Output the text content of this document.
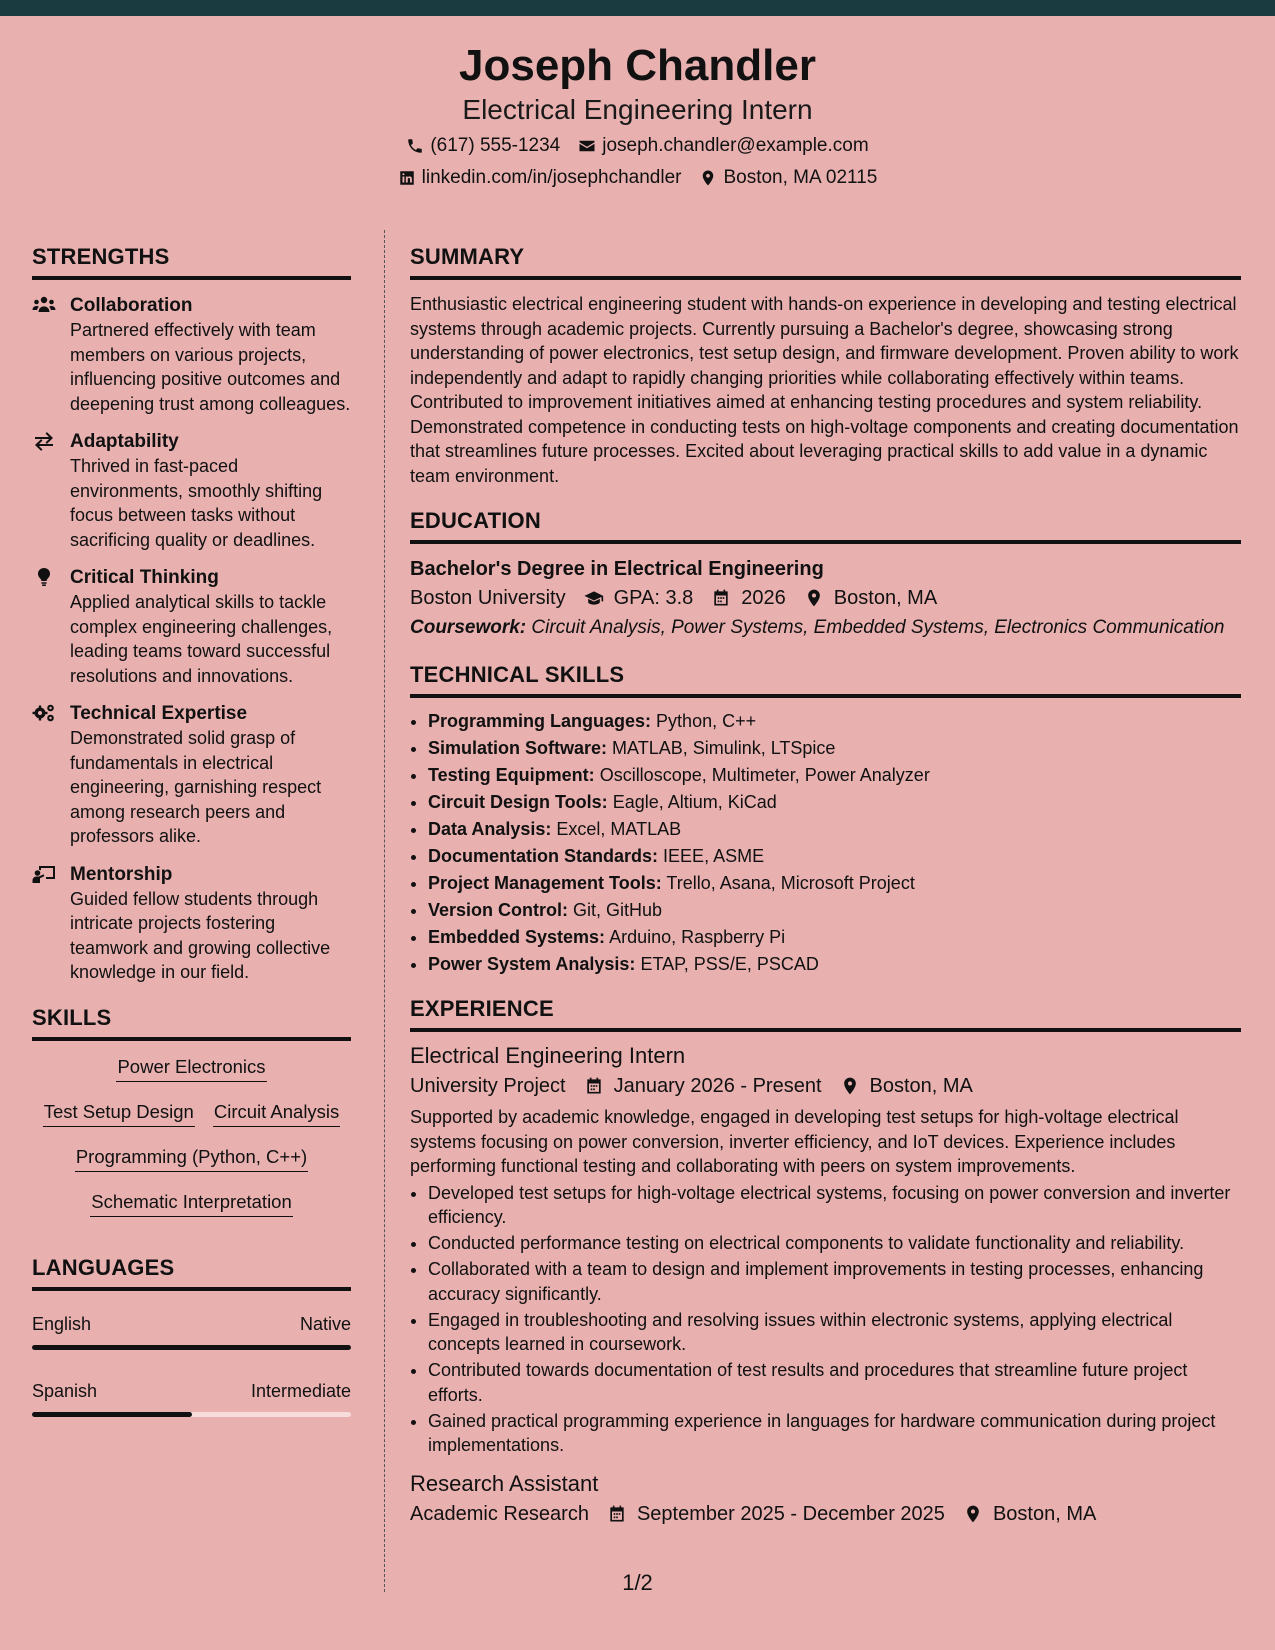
Joseph Chandler
Electrical Engineering Intern
(617) 555-1234 joseph.chandler@example.com
linkedin.com/in/josephchandler Boston, MA 02115
STRENGTHS
Collaboration
Partnered effectively with team members on various projects, influencing positive outcomes and deepening trust among colleagues.
Adaptability
Thrived in fast-paced environments, smoothly shifting focus between tasks without sacrificing quality or deadlines.
Critical Thinking
Applied analytical skills to tackle complex engineering challenges, leading teams toward successful resolutions and innovations.
Technical Expertise
Demonstrated solid grasp of fundamentals in electrical engineering, garnishing respect among research peers and professors alike.
Mentorship
Guided fellow students through intricate projects fostering teamwork and growing collective knowledge in our field.
SKILLS
Power Electronics
Test Setup Design Circuit Analysis
Programming (Python, C++)
Schematic Interpretation
LANGUAGES
English	Native
Spanish	Intermediate
SUMMARY
Enthusiastic electrical engineering student with hands-on experience in developing and testing electrical systems through academic projects. Currently pursuing a Bachelor's degree, showcasing strong understanding of power electronics, test setup design, and firmware development. Proven ability to work independently and adapt to rapidly changing priorities while collaborating effectively within teams. Contributed to improvement initiatives aimed at enhancing testing procedures and system reliability. Demonstrated competence in conducting tests on high-voltage components and creating documentation that streamlines future processes. Excited about leveraging practical skills to add value in a dynamic team environment.
EDUCATION
Bachelor's Degree in Electrical Engineering
Boston University GPA: 3.8 2026 Boston, MA
Coursework: Circuit Analysis, Power Systems, Embedded Systems, Electronics Communication
TECHNICAL SKILLS
• Programming Languages: Python, C++
• Simulation Software: MATLAB, Simulink, LTSpice
• Testing Equipment: Oscilloscope, Multimeter, Power Analyzer
• Circuit Design Tools: Eagle, Altium, KiCad
• Data Analysis: Excel, MATLAB
• Documentation Standards: IEEE, ASME
• Project Management Tools: Trello, Asana, Microsoft Project
• Version Control: Git, GitHub
• Embedded Systems: Arduino, Raspberry Pi
• Power System Analysis: ETAP, PSS/E, PSCAD
EXPERIENCE
Electrical Engineering Intern
University Project January 2026 - Present Boston, MA
Supported by academic knowledge, engaged in developing test setups for high-voltage electrical systems focusing on power conversion, inverter efficiency, and IoT devices. Experience includes performing functional testing and collaborating with peers on system improvements.
• Developed test setups for high-voltage electrical systems, focusing on power conversion and inverter efficiency.
• Conducted performance testing on electrical components to validate functionality and reliability.
• Collaborated with a team to design and implement improvements in testing processes, enhancing accuracy significantly.
• Engaged in troubleshooting and resolving issues within electronic systems, applying electrical concepts learned in coursework.
• Contributed towards documentation of test results and procedures that streamline future project efforts.
• Gained practical programming experience in languages for hardware communication during project implementations.
Research Assistant
Academic Research September 2025 - December 2025 Boston, MA
1/2
